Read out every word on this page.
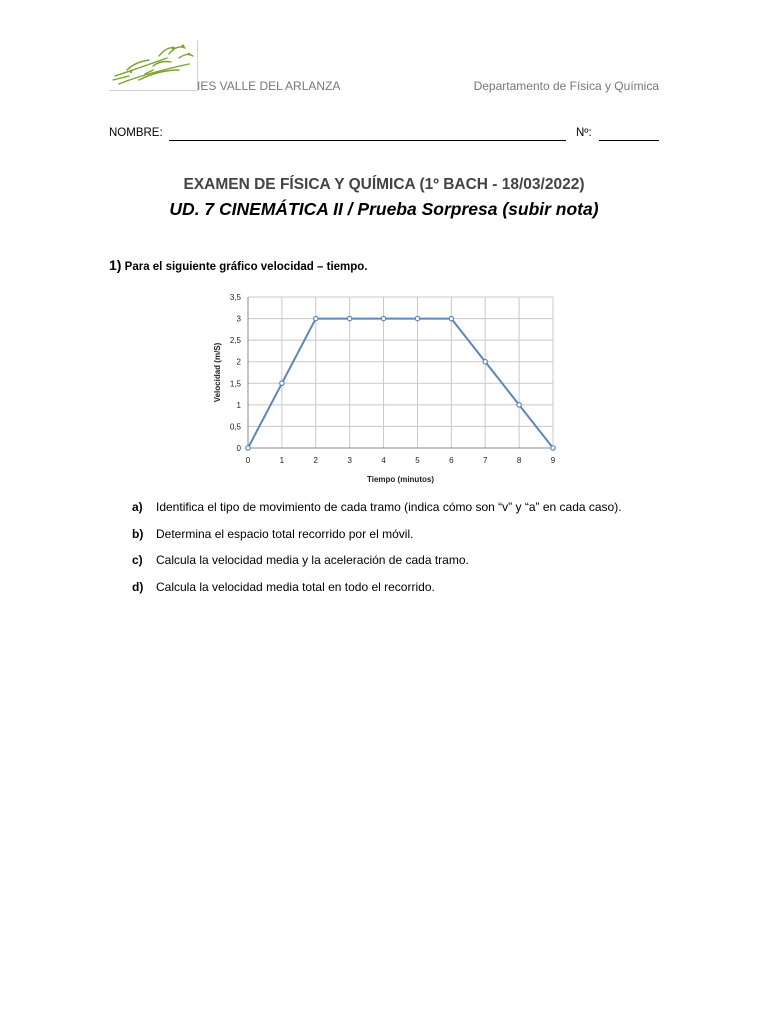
IES VALLE DEL ARLANZA	Departamento de Física y Química
NOMBRE:	Nº:
EXAMEN DE FÍSICA Y QUÍMICA (1º BACH - 18/03/2022)
UD. 7 CINEMÁTICA II / Prueba Sorpresa (subir nota)
1) Para el siguiente gráfico velocidad – tiempo.
0
0,5
1
1,5
2
2,5
3
3,5
0	1	2	3	4	5	6	7	8	9
Tiempo (minutos)
Velocidad (m/S)
a) Identifica el tipo de movimiento de cada tramo (indica cómo son “v” y “a” en cada caso).
b) Determina el espacio total recorrido por el móvil.
c) Calcula la velocidad media y la aceleración de cada tramo.
d) Calcula la velocidad media total en todo el recorrido.
